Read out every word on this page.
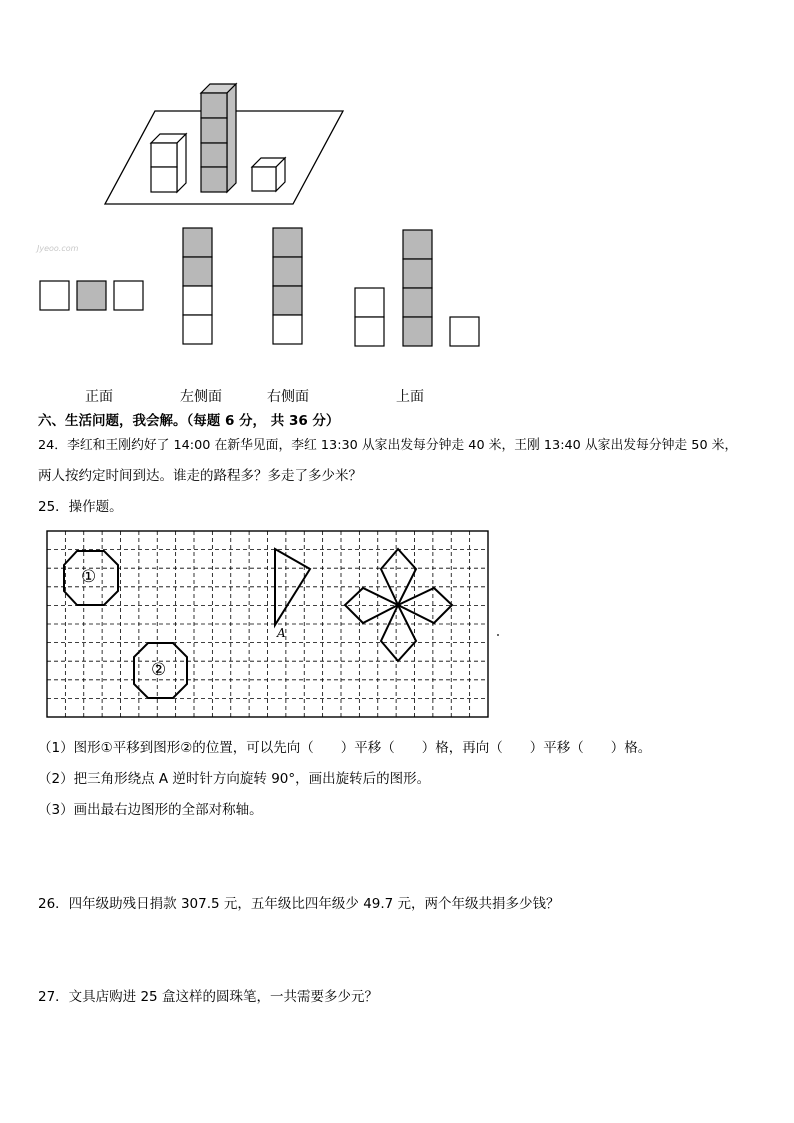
Jyeoo.com
正面	左侧面	右侧面	上面
六、生活问题，我会解。（每题 6 分， 共 36 分）
24．李红和王刚约好了 14:00 在新华见面，李红 13:30 从家出发每分钟走 40 米，王刚 13:40 从家出发每分钟走 50 米，
两人按约定时间到达。谁走的路程多？多走了多少米？
25．操作题。
①
②
A
（1）图形①平移到图形②的位置，可以先向（　　）平移（　　）格，再向（　　）平移（　　）格。
（2）把三角形绕点 A 逆时针方向旋转 90°，画出旋转后的图形。
（3）画出最右边图形的全部对称轴。
26．四年级助残日捐款 307.5 元，五年级比四年级少 49.7 元，两个年级共捐多少钱？
27．文具店购进 25 盒这样的圆珠笔，一共需要多少元？
